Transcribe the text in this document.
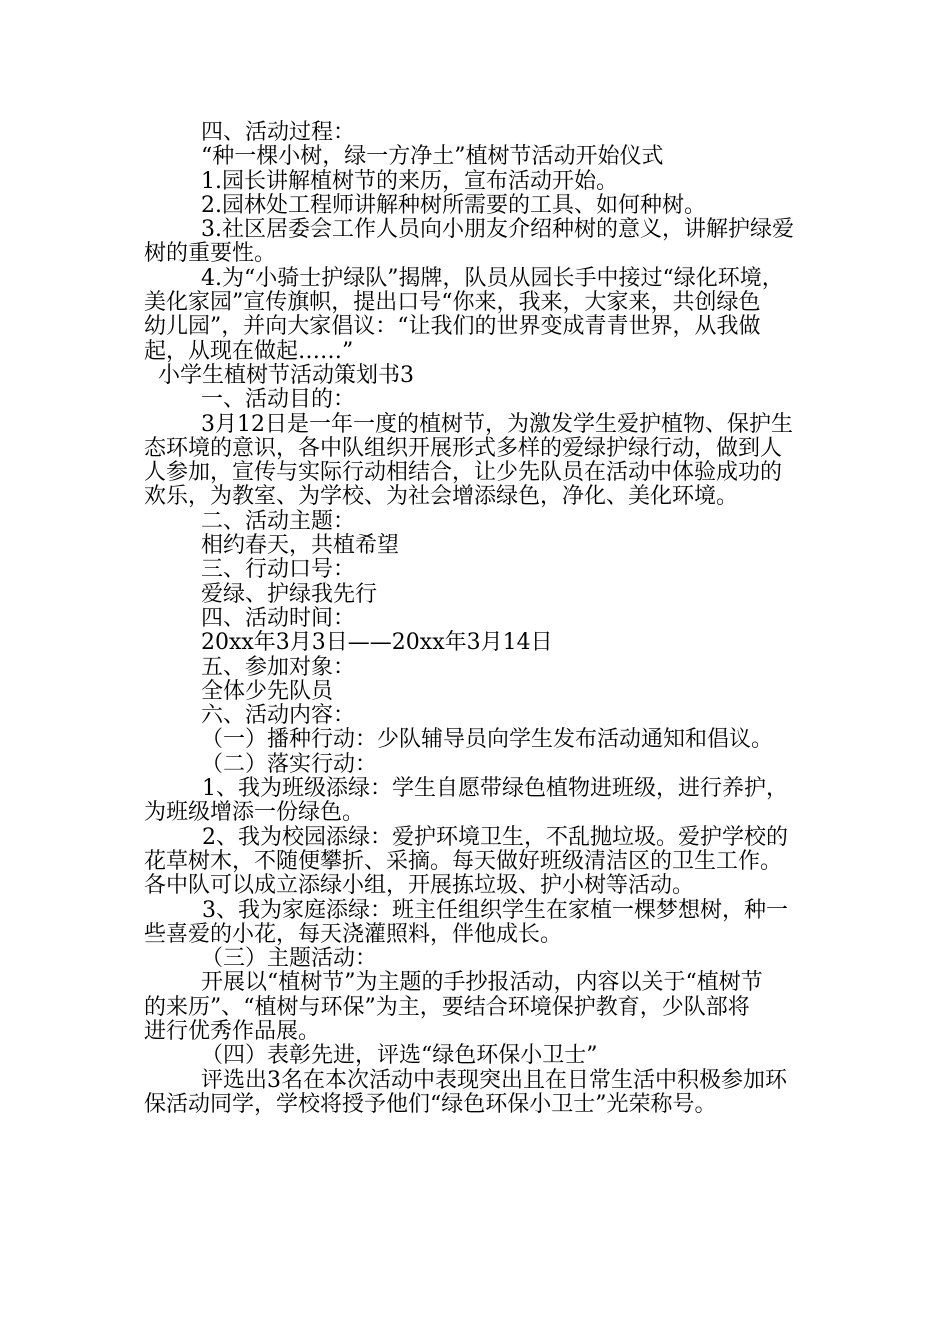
四、活动过程：
“种一棵小树，绿一方净土”植树节活动开始仪式
1.园长讲解植树节的来历，宣布活动开始。
2.园林处工程师讲解种树所需要的工具、如何种树。
3.社区居委会工作人员向小朋友介绍种树的意义，讲解护绿爱
树的重要性。
4.为“小骑士护绿队”揭牌，队员从园长手中接过“绿化环境，
美化家园”宣传旗帜，提出口号“你来，我来，大家来，共创绿色
幼儿园”，并向大家倡议：“让我们的世界变成青青世界，从我做
起，从现在做起……”
小学生植树节活动策划书3
一、活动目的：
3月12日是一年一度的植树节，为激发学生爱护植物、保护生
态环境的意识，各中队组织开展形式多样的爱绿护绿行动，做到人
人参加，宣传与实际行动相结合，让少先队员在活动中体验成功的
欢乐，为教室、为学校、为社会增添绿色，净化、美化环境。
二、活动主题：
相约春天，共植希望
三、行动口号：
爱绿、护绿我先行
四、活动时间：
20xx年3月3日——20xx年3月14日
五、参加对象：
全体少先队员
六、活动内容：
（一）播种行动：少队辅导员向学生发布活动通知和倡议。
（二）落实行动：
1、我为班级添绿：学生自愿带绿色植物进班级，进行养护，
为班级增添一份绿色。
2、我为校园添绿：爱护环境卫生，不乱抛垃圾。爱护学校的
花草树木，不随便攀折、采摘。每天做好班级清洁区的卫生工作。
各中队可以成立添绿小组，开展拣垃圾、护小树等活动。
3、我为家庭添绿：班主任组织学生在家植一棵梦想树，种一
些喜爱的小花，每天浇灌照料，伴他成长。
（三）主题活动：
开展以“植树节”为主题的手抄报活动，内容以关于“植树节
的来历”、“植树与环保”为主，要结合环境保护教育，少队部将
进行优秀作品展。
（四）表彰先进，评选“绿色环保小卫士”
评选出3名在本次活动中表现突出且在日常生活中积极参加环
保活动同学，学校将授予他们“绿色环保小卫士”光荣称号。
